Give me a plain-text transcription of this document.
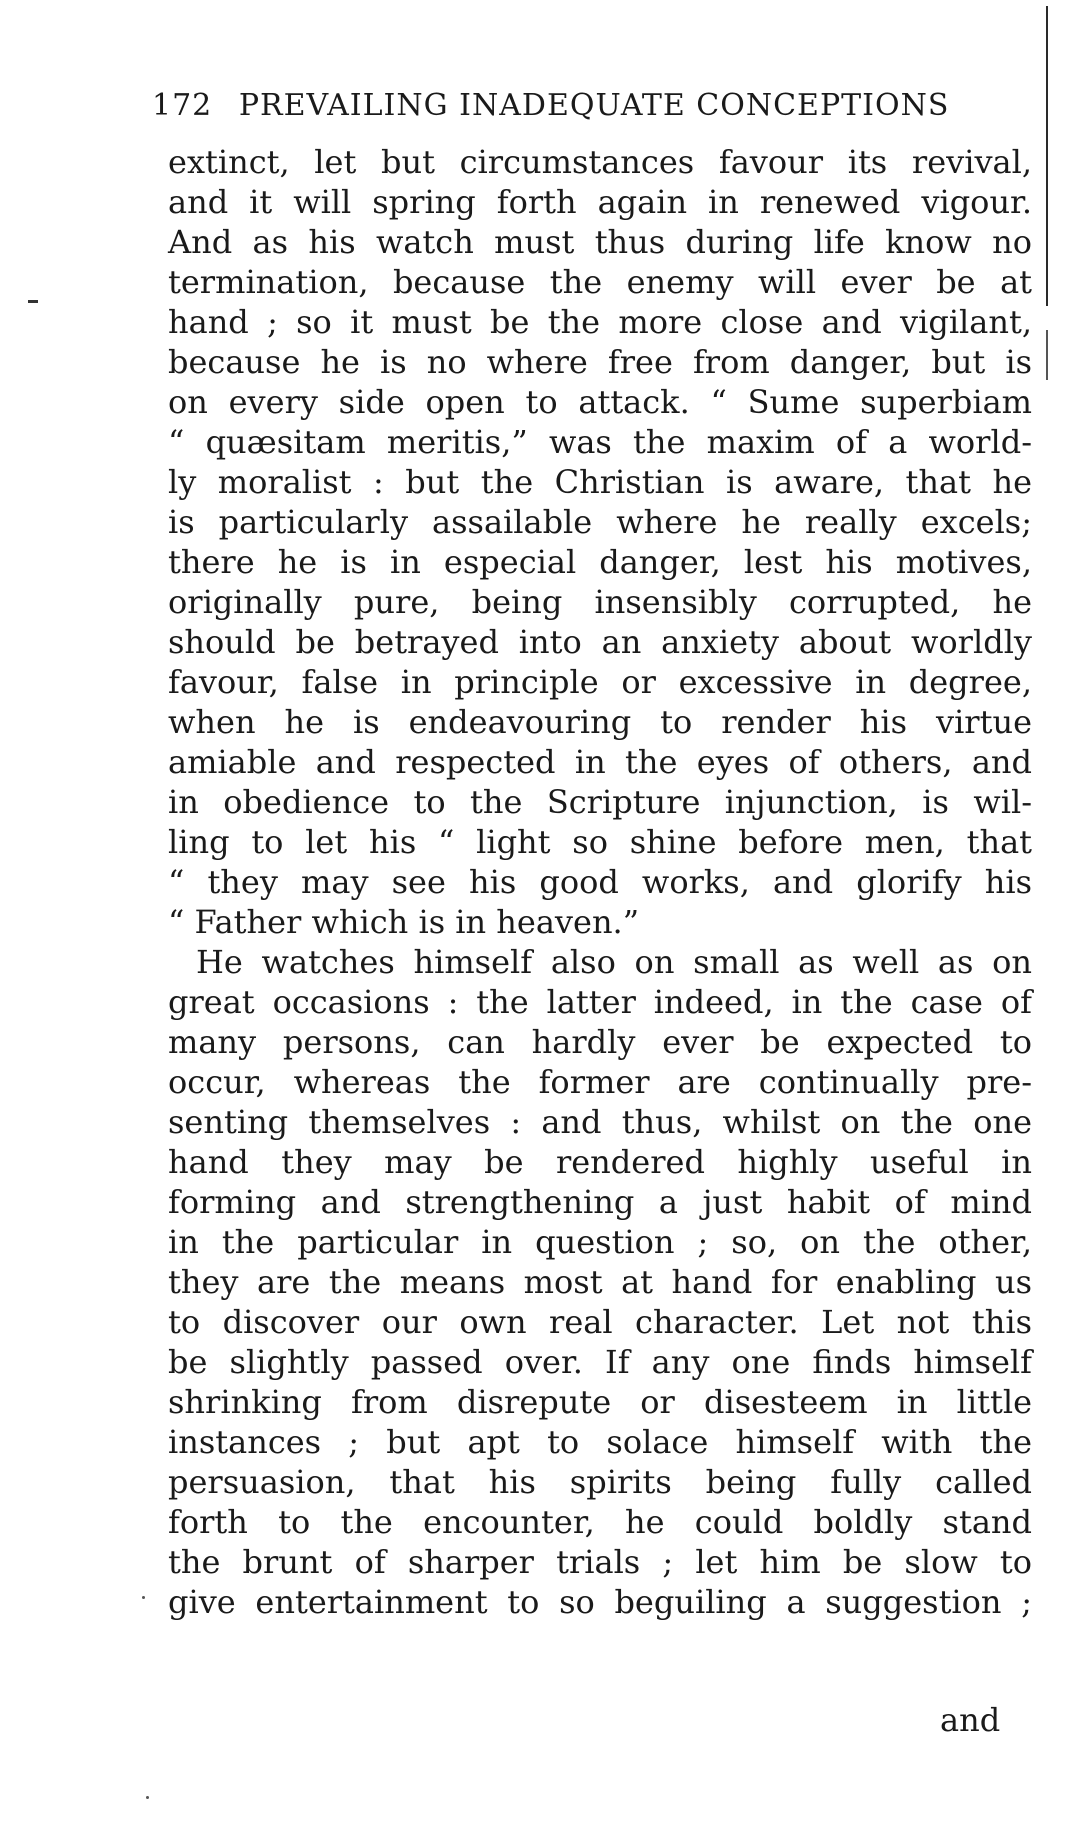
172 PREVAILING INADEQUATE CONCEPTIONS
extinct, let but circumstances favour its revival,
and it will spring forth again in renewed vigour.
And as his watch must thus during life know no
termination, because the enemy will ever be at
hand ; so it must be the more close and vigilant,
because he is no where free from danger, but is
on every side open to attack. “ Sume superbiam
“ quæsitam meritis,” was the maxim of a world-
ly moralist : but the Christian is aware, that he
is particularly assailable where he really excels;
there he is in especial danger, lest his motives,
originally pure, being insensibly corrupted, he
should be betrayed into an anxiety about worldly
favour, false in principle or excessive in degree,
when he is endeavouring to render his virtue
amiable and respected in the eyes of others, and
in obedience to the Scripture injunction, is wil-
ling to let his “ light so shine before men, that
“ they may see his good works, and glorify his
“ Father which is in heaven.”
He watches himself also on small as well as on
great occasions : the latter indeed, in the case of
many persons, can hardly ever be expected to
occur, whereas the former are continually pre-
senting themselves : and thus, whilst on the one
hand they may be rendered highly useful in
forming and strengthening a just habit of mind
in the particular in question ; so, on the other,
they are the means most at hand for enabling us
to discover our own real character. Let not this
be slightly passed over. If any one finds himself
shrinking from disrepute or disesteem in little
instances ; but apt to solace himself with the
persuasion, that his spirits being fully called
forth to the encounter, he could boldly stand
the brunt of sharper trials ; let him be slow to
give entertainment to so beguiling a suggestion ;
and
